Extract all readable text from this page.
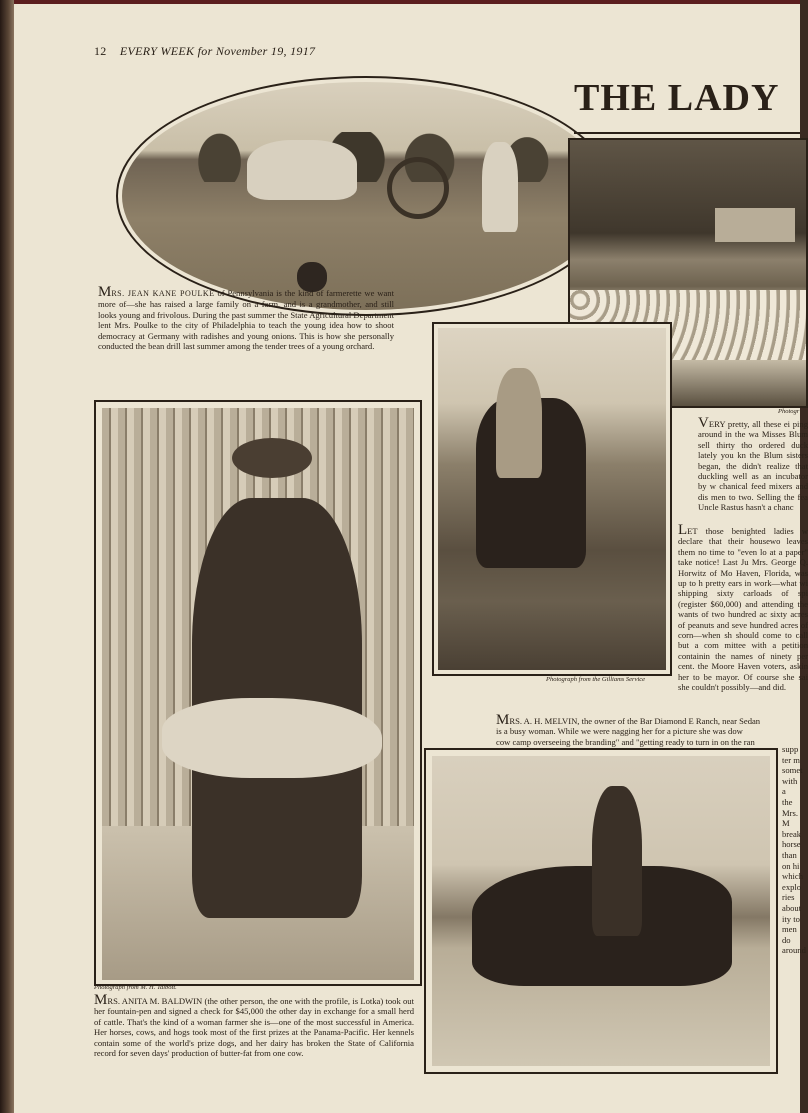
12 EVERY WEEK for November 19, 1917
THE LADY
MRS. JEAN KANE POULKE of Pennsylvania is the kind of farmerette we want more of—she has raised a large family on a farm, and is a grandmother, and still looks young and frivolous. During the past summer the State Agricultural Department lent Mrs. Poulke to the city of Philadelphia to teach the young idea how to shoot democracy at Germany with radishes and young onions. This is how she personally conducted the bean drill last summer among the tender trees of a young orchard.
Photograph from the Gilliams Service
Photogr
VERY pretty, all these ei ping around in the wa Misses Blum sell thirty tho ordered duck lately you kn the Blum sisters began, the didn't realize that duckling well as an incubator by w chanical feed mixers and dis men to two. Selling the fea Uncle Rastus hasn't a chanc
LET those benighted ladies w declare that their housewo leaves them no time to "even lo at a paper" take notice! Last Ju Mrs. George Q. Horwitz of Mo Haven, Florida, was up to h pretty ears in work—what wi shipping sixty carloads of spi (register $60,000) and attending the wants of two hundred ac sixty acres of peanuts and seve hundred acres of corn—when sh should come to call but a com mittee with a petition containin the names of ninety per cent. the Moore Haven voters, askin her to be mayor. Of course she sai she couldn't possibly—and did.
MRS. A. H. MELVIN, the owner of the Bar Diamond E Ranch, near Sedan
is a busy woman. While we were nagging her for a picture she was dow
cow camp overseeing the branding" and "getting ready to turn in on the ran
supp
ter m
somet
with a
the
Mrs. M
break
horse
than
on hi
which
explo
ries
about
ity to
men do
around
Photograph from M. H. Talbott.
MRS. ANITA M. BALDWIN (the other person, the one with the profile, is Lotka) took out her fountain-pen and signed a check for $45,000 the other day in exchange for a small herd of cattle. That's the kind of a woman farmer she is—one of the most successful in America. Her horses, cows, and hogs took most of the first prizes at the Panama-Pacific. Her kennels contain some of the world's prize dogs, and her dairy has broken the State of California record for seven days' production of butter-fat from one cow.
